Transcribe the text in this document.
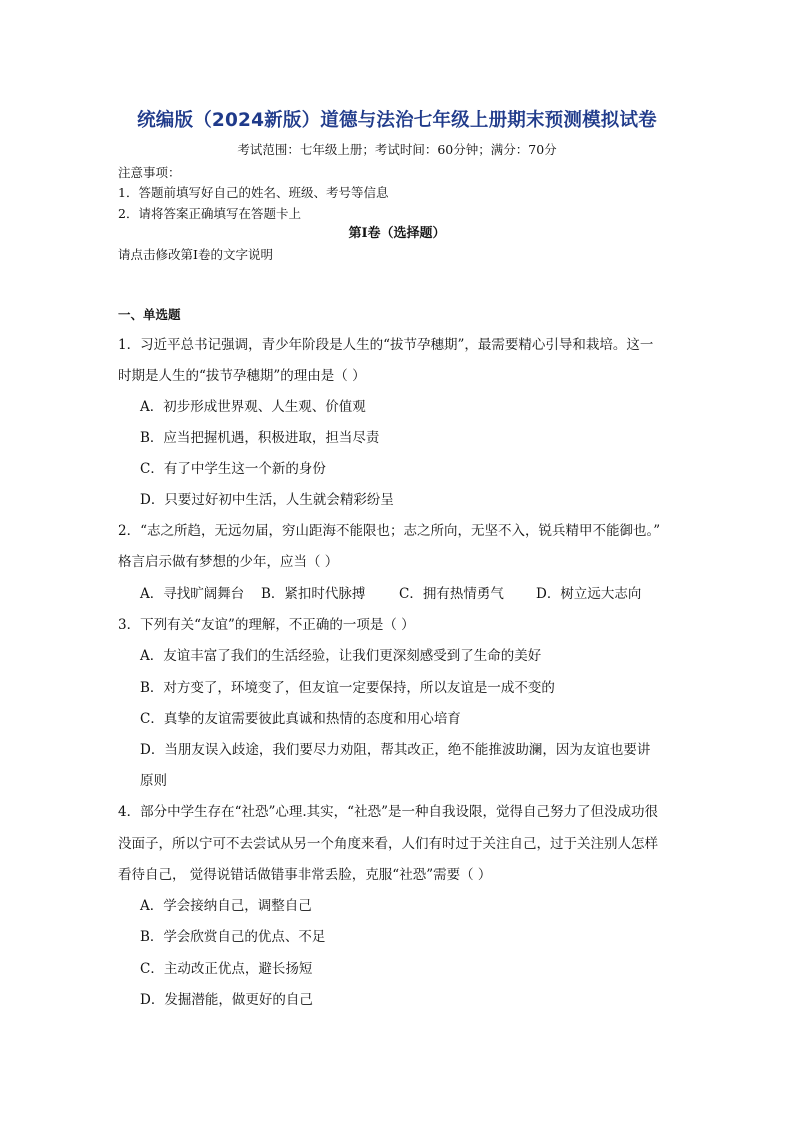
统编版（2024新版）道德与法治七年级上册期末预测模拟试卷
考试范围：七年级上册；考试时间：60分钟；满分：70分
注意事项：
1．答题前填写好自己的姓名、班级、考号等信息
2．请将答案正确填写在答题卡上
第I卷（选择题）
请点击修改第I卷的文字说明
一、单选题
1．习近平总书记强调，青少年阶段是人生的“拔节孕穗期”，最需要精心引导和栽培。这一
时期是人生的“拔节孕穗期”的理由是（ ）
A．初步形成世界观、人生观、价值观
B．应当把握机遇，积极进取，担当尽责
C．有了中学生这一个新的身份
D．只要过好初中生活，人生就会精彩纷呈
2．“志之所趋，无远勿届，穷山距海不能限也；志之所向，无坚不入，锐兵精甲不能御也。”
格言启示做有梦想的少年，应当（ ）
A．寻找旷阔舞台 B．紧扣时代脉搏 C．拥有热情勇气 D．树立远大志向
3．下列有关“友谊”的理解，不正确的一项是（ ）
A．友谊丰富了我们的生活经验，让我们更深刻感受到了生命的美好
B．对方变了，环境变了，但友谊一定要保持，所以友谊是一成不变的
C．真挚的友谊需要彼此真诚和热情的态度和用心培育
D．当朋友误入歧途，我们要尽力劝阻，帮其改正，绝不能推波助澜，因为友谊也要讲
原则
4．部分中学生存在“社恐”心理.其实，“社恐”是一种自我设限，觉得自己努力了但没成功很
没面子，所以宁可不去尝试从另一个角度来看，人们有时过于关注自己，过于关注别人怎样
看待自己， 觉得说错话做错事非常丢脸，克服“社恐”需要（ ）
A．学会接纳自己，调整自己
B．学会欣赏自己的优点、不足
C．主动改正优点，避长扬短
D．发掘潜能，做更好的自己
